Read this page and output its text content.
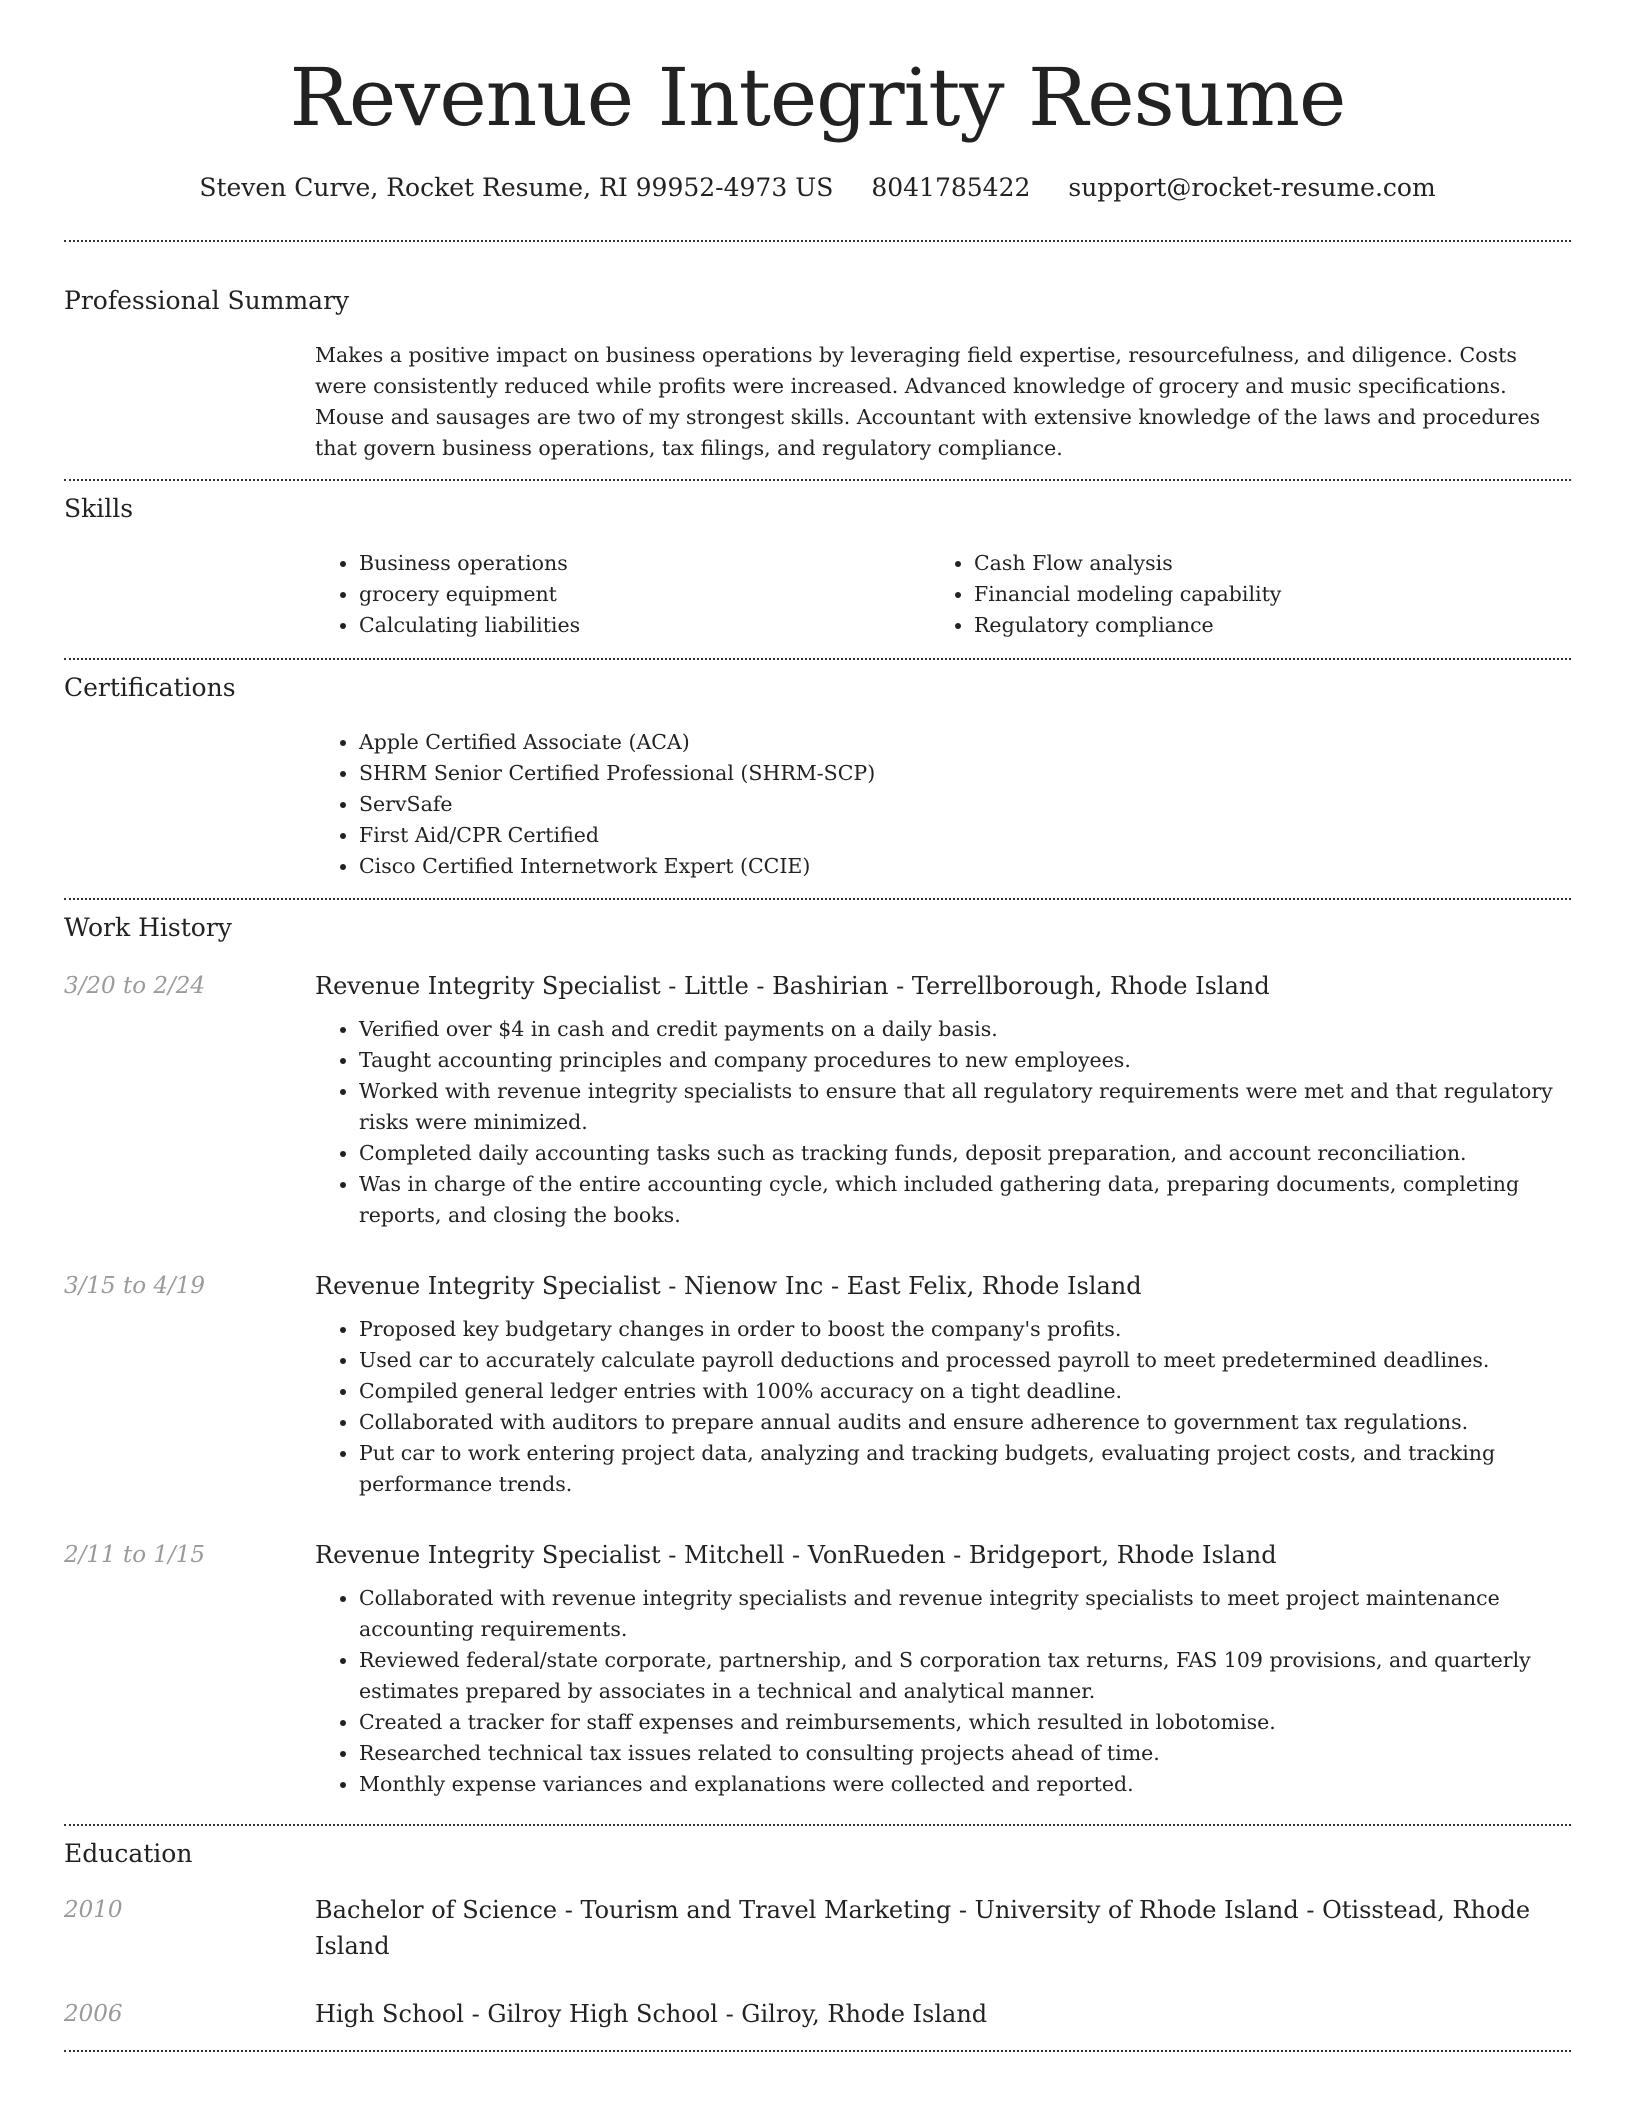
Revenue Integrity Resume
Steven Curve, Rocket Resume, RI 99952-4973 US 8041785422 support@rocket-resume.com
Professional Summary

Makes a positive impact on business operations by leveraging field expertise, resourcefulness, and diligence. Costs were consistently reduced while profits were increased. Advanced knowledge of grocery and music specifications. Mouse and sausages are two of my strongest skills. Accountant with extensive knowledge of the laws and procedures that govern business operations, tax filings, and regulatory compliance.

Skills
• Business operations
• grocery equipment
• Calculating liabilities
• Cash Flow analysis
• Financial modeling capability
• Regulatory compliance
Certifications
• Apple Certified Associate (ACA)
• SHRM Senior Certified Professional (SHRM-SCP)
• ServSafe
• First Aid/CPR Certified
• Cisco Certified Internetwork Expert (CCIE)
Work History
3/20 to 2/24	Revenue Integrity Specialist - Little - Bashirian - Terrellborough, Rhode Island
• Verified over $4 in cash and credit payments on a daily basis.
• Taught accounting principles and company procedures to new employees.
• Worked with revenue integrity specialists to ensure that all regulatory requirements were met and that regulatory risks were minimized.
• Completed daily accounting tasks such as tracking funds, deposit preparation, and account reconciliation.
• Was in charge of the entire accounting cycle, which included gathering data, preparing documents, completing reports, and closing the books.
3/15 to 4/19	Revenue Integrity Specialist - Nienow Inc - East Felix, Rhode Island
• Proposed key budgetary changes in order to boost the company's profits.
• Used car to accurately calculate payroll deductions and processed payroll to meet predetermined deadlines.
• Compiled general ledger entries with 100% accuracy on a tight deadline.
• Collaborated with auditors to prepare annual audits and ensure adherence to government tax regulations.
• Put car to work entering project data, analyzing and tracking budgets, evaluating project costs, and tracking performance trends.
2/11 to 1/15	Revenue Integrity Specialist - Mitchell - VonRueden - Bridgeport, Rhode Island
• Collaborated with revenue integrity specialists and revenue integrity specialists to meet project maintenance accounting requirements.
• Reviewed federal/state corporate, partnership, and S corporation tax returns, FAS 109 provisions, and quarterly estimates prepared by associates in a technical and analytical manner.
• Created a tracker for staff expenses and reimbursements, which resulted in lobotomise.
• Researched technical tax issues related to consulting projects ahead of time.
• Monthly expense variances and explanations were collected and reported.
Education
2010	Bachelor of Science - Tourism and Travel Marketing - University of Rhode Island - Otisstead, Rhode Island
2006	High School - Gilroy High School - Gilroy, Rhode Island
